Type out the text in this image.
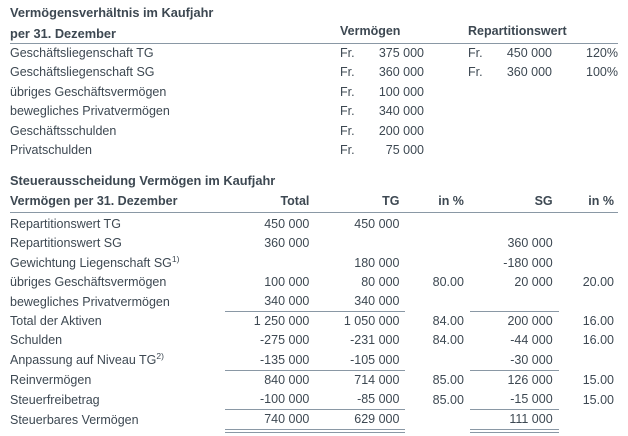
Vermögensverhältnis im Kaufjahr
per 31. Dezember	Vermögen	Repartitionswert	
Geschäftsliegenschaft TG	Fr. 375 000	Fr. 450 000	120%
Geschäftsliegenschaft SG	Fr. 360 000	Fr. 360 000	100%
übriges Geschäftsvermögen	Fr. 100 000		
bewegliches Privatvermögen	Fr. 340 000		
Geschäftsschulden	Fr. 200 000		
Privatschulden	Fr. 75 000		
Steuerausscheidung Vermögen im Kaufjahr
Vermögen per 31. Dezember	Total	TG	in %	SG	in %
Repartitionswert TG	450 000	450 000			
Repartitionswert SG	360 000			360 000	
Gewichtung Liegenschaft SG$^{1)}$		180 000		-180 000	
übriges Geschäftsvermögen	100 000	80 000	80.00	20 000	20.00
bewegliches Privatvermögen	340 000	340 000			
Total der Aktiven	1 250 000	1 050 000	84.00	200 000	16.00
Schulden	-275 000	-231 000	84.00	-44 000	16.00
Anpassung auf Niveau TG$^{2)}$	-135 000	-105 000		-30 000	
Reinvermögen	840 000	714 000	85.00	126 000	15.00
Steuerfreibetrag	-100 000	-85 000	85.00	-15 000	15.00
Steuerbares Vermögen	740 000	629 000		111 000	
